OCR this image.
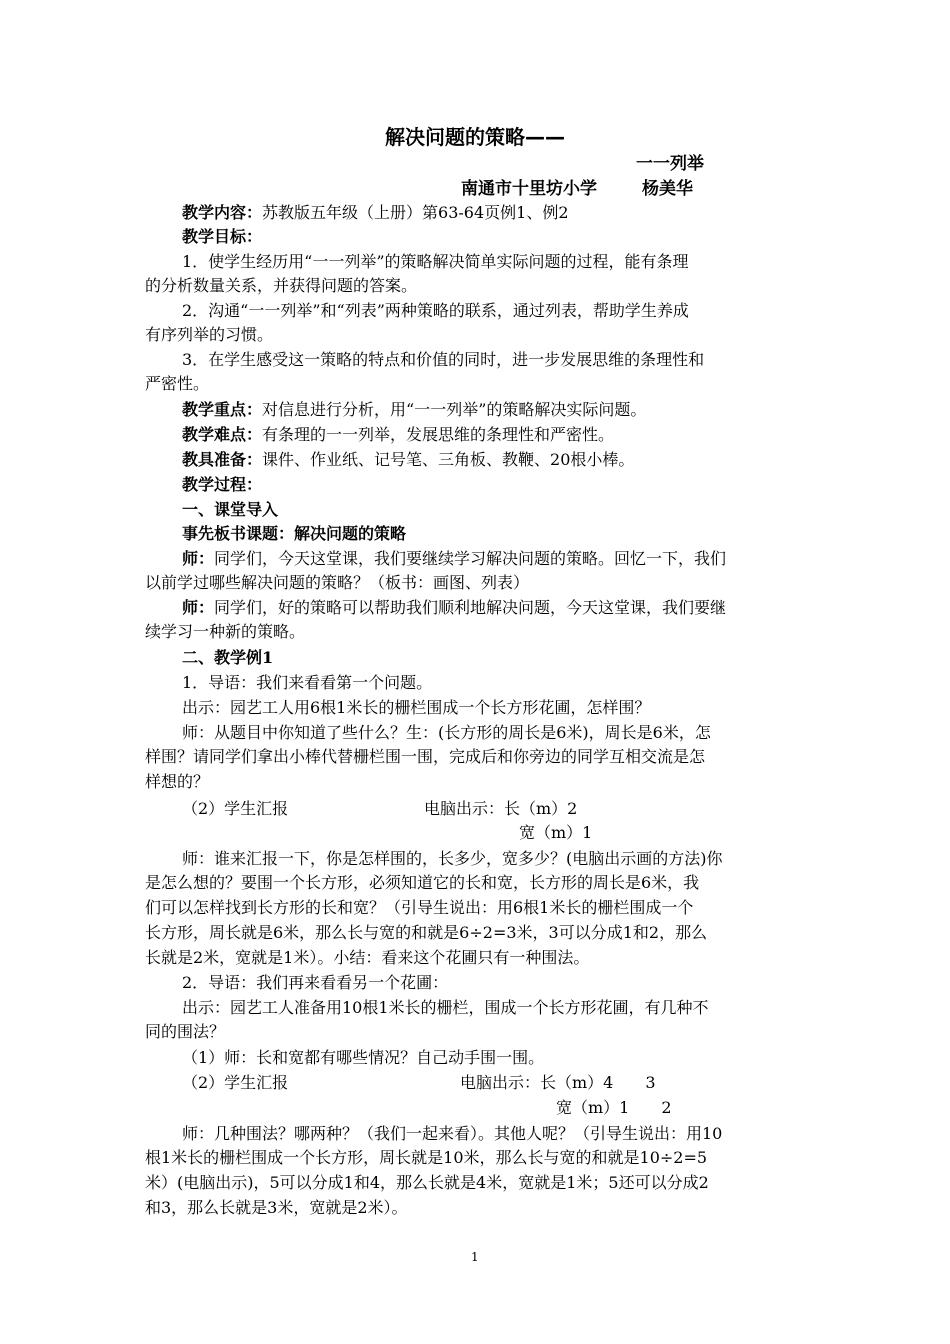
解决问题的策略——
一一列举
南通市十里坊小学	杨美华
教学内容：苏教版五年级（上册）第63-64页例1、例2
教学目标：
1．使学生经历用“一一列举”的策略解决简单实际问题的过程，能有条理
的分析数量关系，并获得问题的答案。
2．沟通“一一列举”和“列表”两种策略的联系，通过列表，帮助学生养成
有序列举的习惯。
3．在学生感受这一策略的特点和价值的同时，进一步发展思维的条理性和
严密性。
教学重点：对信息进行分析，用“一一列举”的策略解决实际问题。
教学难点：有条理的一一列举，发展思维的条理性和严密性。
教具准备：课件、作业纸、记号笔、三角板、教鞭、20根小棒。
教学过程：
一、课堂导入
事先板书课题：解决问题的策略
师：同学们，今天这堂课，我们要继续学习解决问题的策略。回忆一下，我们
以前学过哪些解决问题的策略？（板书：画图、列表）
师：同学们，好的策略可以帮助我们顺利地解决问题，今天这堂课，我们要继
续学习一种新的策略。
二、教学例1
1．导语：我们来看看第一个问题。
出示：园艺工人用6根1米长的栅栏围成一个长方形花圃，怎样围？
师：从题目中你知道了些什么？生：(长方形的周长是6米)，周长是6米，怎
样围？请同学们拿出小棒代替栅栏围一围，完成后和你旁边的同学互相交流是怎
样想的？
（2）学生汇报	电脑出示：长（m）2
宽（m）1
师：谁来汇报一下，你是怎样围的，长多少，宽多少？(电脑出示画的方法)你
是怎么想的？要围一个长方形，必须知道它的长和宽，长方形的周长是6米，我
们可以怎样找到长方形的长和宽？（引导生说出：用6根1米长的栅栏围成一个
长方形，周长就是6米，那么长与宽的和就是6÷2=3米，3可以分成1和2，那么
长就是2米，宽就是1米）。小结：看来这个花圃只有一种围法。
2．导语：我们再来看看另一个花圃：
出示：园艺工人准备用10根1米长的栅栏，围成一个长方形花圃，有几种不
同的围法？
（1）师：长和宽都有哪些情况？自己动手围一围。
（2）学生汇报	电脑出示：长（m）4　　3
宽（m）1　　2
师：几种围法？哪两种？（我们一起来看）。其他人呢？（引导生说出：用10
根1米长的栅栏围成一个长方形，周长就是10米，那么长与宽的和就是10÷2=5
米）(电脑出示)，5可以分成1和4，那么长就是4米，宽就是1米；5还可以分成2
和3，那么长就是3米，宽就是2米）。
1
